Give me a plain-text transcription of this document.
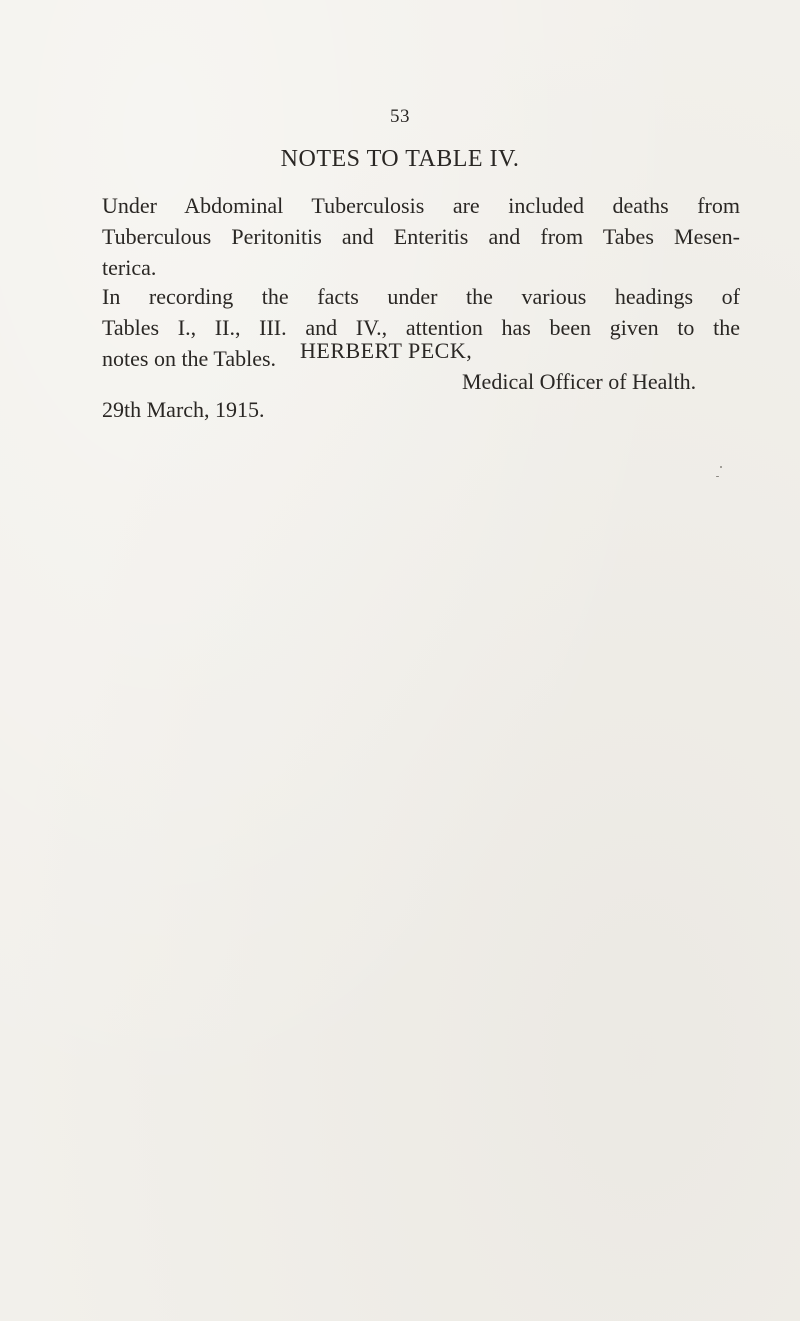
53
NOTES TO TABLE IV.
Under Abdominal Tuberculosis are included deaths from
Tuberculous Peritonitis and Enteritis and from Tabes Mesen-
terica.
In recording the facts under the various headings of
Tables I., II., III. and IV., attention has been given to the
notes on the Tables.	HERBERT PECK,
Medical Officer of Health.
29th March, 1915.
